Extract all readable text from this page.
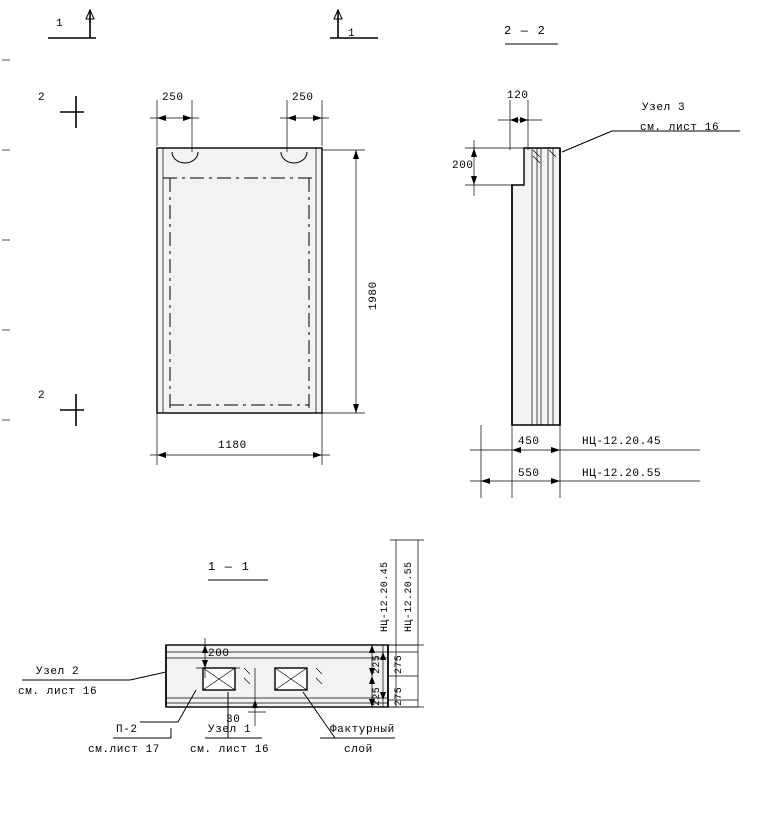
1
1
2
2
250	250
1980
1180
2 — 2
120
200
Узел 3
см. лист 16
450	НЦ-12.20.45
550	НЦ-12.20.55
1 — 1
200
30
НЦ-12.20.45 НЦ-12.20.55
225
225
275
275
Узел 2
см. лист 16
П-2
см.лист 17
Узел 1
см. лист 16
Фактурный
слой
